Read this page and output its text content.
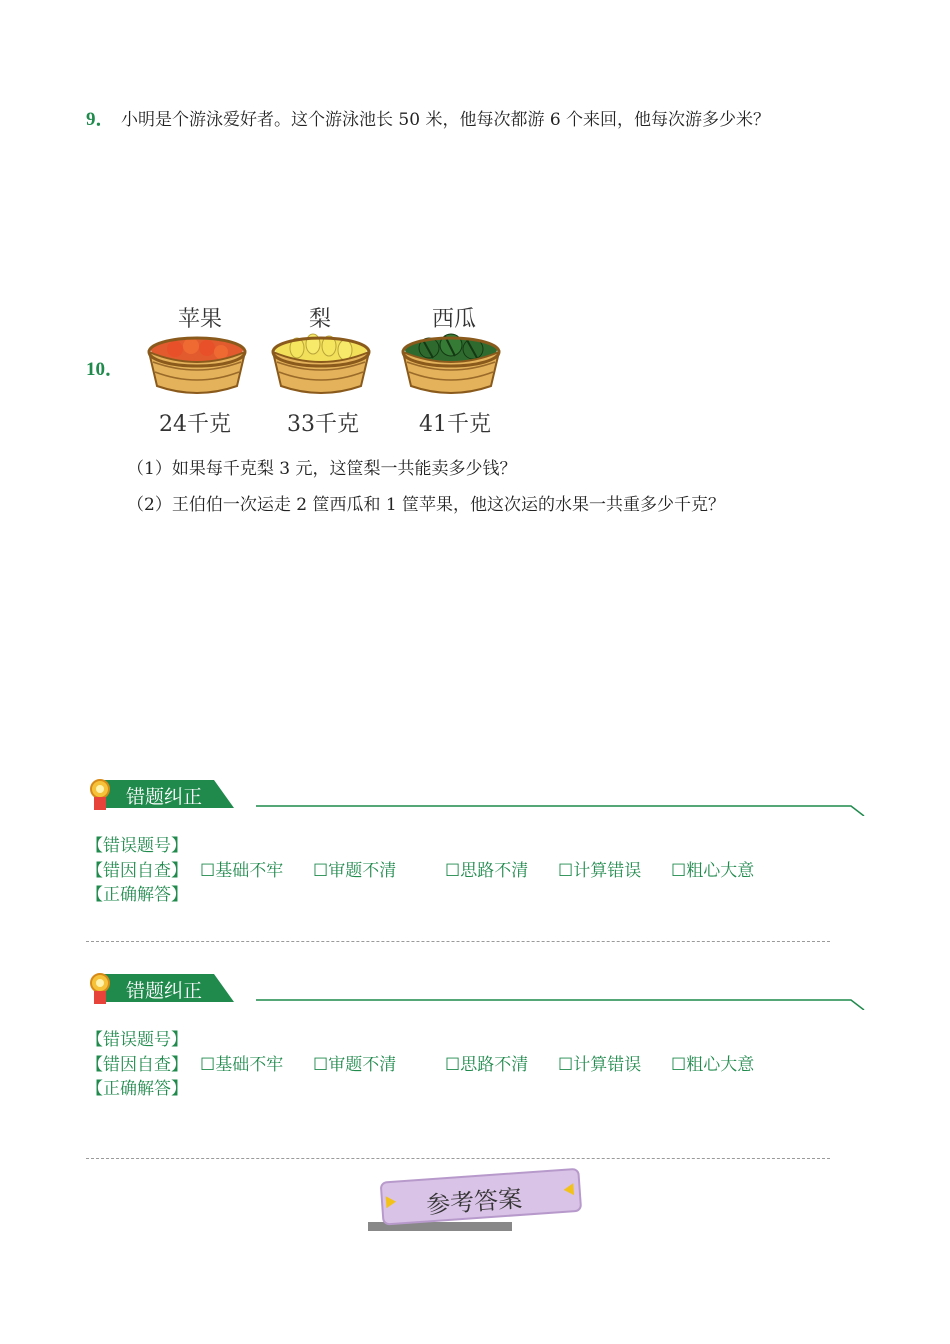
9． 小明是个游泳爱好者。这个游泳池长 50 米，他每次都游 6 个来回，他每次游多少米？
10．
苹果	梨	西瓜
24千克	33千克	41千克
（1）如果每千克梨 3 元，这筐梨一共能卖多少钱？
（2）王伯伯一次运走 2 筐西瓜和 1 筐苹果，他这次运的水果一共重多少千克？
错题纠正
【错误题号】
【错因自查】 ☐基础不牢 ☐审题不清	☐思路不清 ☐计算错误 ☐粗心大意
【正确解答】
错题纠正
【错误题号】
【错因自查】 ☐基础不牢 ☐审题不清	☐思路不清 ☐计算错误 ☐粗心大意
【正确解答】
参考答案
